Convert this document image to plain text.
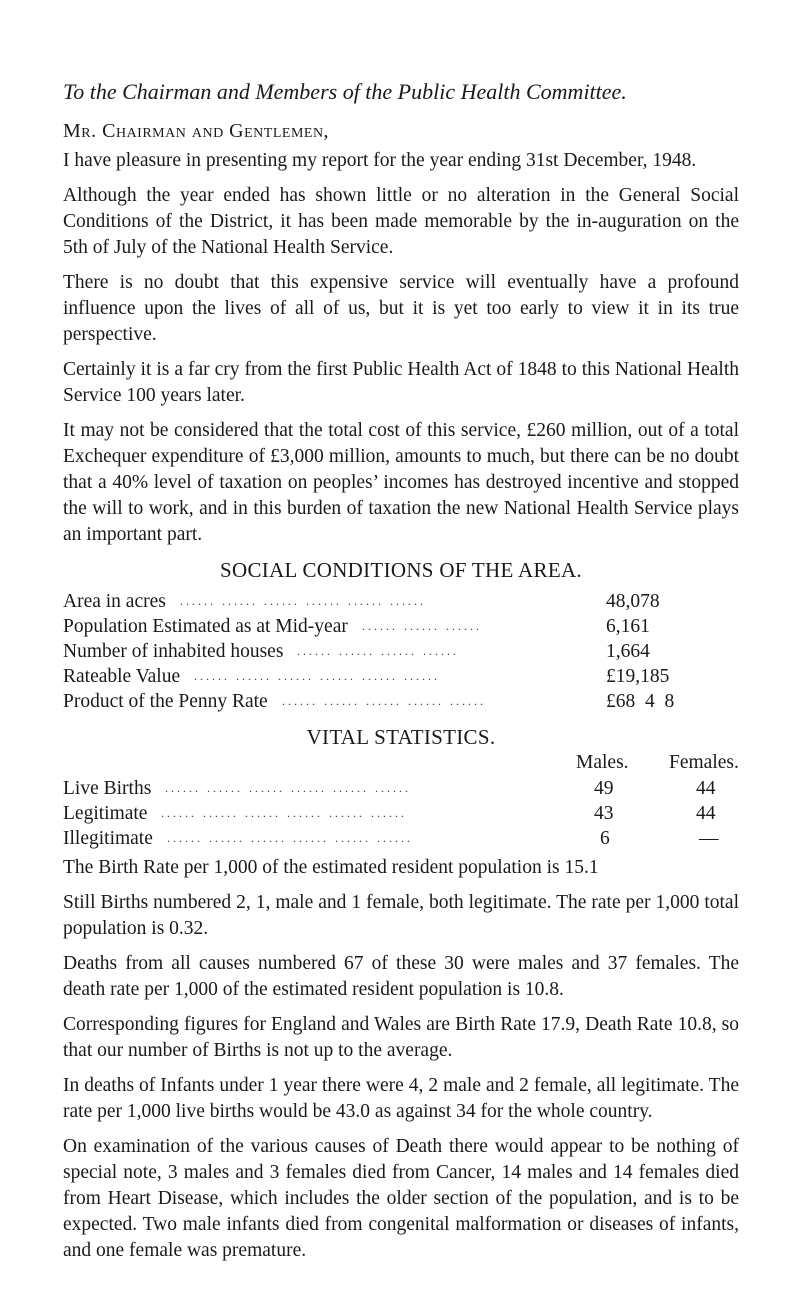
To the Chairman and Members of the Public Health Committee.
Mr. Chairman and Gentlemen,

I have pleasure in presenting my report for the year ending 31st December, 1948.

Although the year ended has shown little or no alteration in the General Social Conditions of the District, it has been made memorable by the in-auguration on the 5th of July of the National Health Service.

There is no doubt that this expensive service will eventually have a profound influence upon the lives of all of us, but it is yet too early to view it in its true perspective.

Certainly it is a far cry from the first Public Health Act of 1848 to this National Health Service 100 years later.

It may not be considered that the total cost of this service, £260 million, out of a total Exchequer expenditure of £3,000 million, amounts to much, but there can be no doubt that a 40% level of taxation on peoples’ incomes has destroyed incentive and stopped the will to work, and in this burden of taxation the new National Health Service plays an important part.

SOCIAL CONDITIONS OF THE AREA.
Area in acres	48,078
...... ...... ...... ...... ...... ......
Population Estimated as at Mid-year	6,161
...... ...... ......
Number of inhabited houses	1,664
...... ...... ...... ......
Rateable Value	£19,185
...... ...... ...... ...... ...... ......
Product of the Penny Rate	£68  4  8
...... ...... ...... ...... ......
VITAL STATISTICS.
Males. Females.
Live Births	49	44
...... ...... ...... ...... ...... ......
Legitimate	43	44
...... ...... ...... ...... ...... ......
Illegitimate	6	—
...... ...... ...... ...... ...... ......

The Birth Rate per 1,000 of the estimated resident population is 15.1

Still Births numbered 2, 1, male and 1 female, both legitimate. The rate per 1,000 total population is 0.32.

Deaths from all causes numbered 67 of these 30 were males and 37 females. The death rate per 1,000 of the estimated resident population is 10.8.

Corresponding figures for England and Wales are Birth Rate 17.9, Death Rate 10.8, so that our number of Births is not up to the average.

In deaths of Infants under 1 year there were 4, 2 male and 2 female, all legitimate. The rate per 1,000 live births would be 43.0 as against 34 for the whole country.

On examination of the various causes of Death there would appear to be nothing of special note, 3 males and 3 females died from Cancer, 14 males and 14 females died from Heart Disease, which includes the older section of the population, and is to be expected. Two male infants died from congenital malformation or diseases of infants, and one female was premature.
